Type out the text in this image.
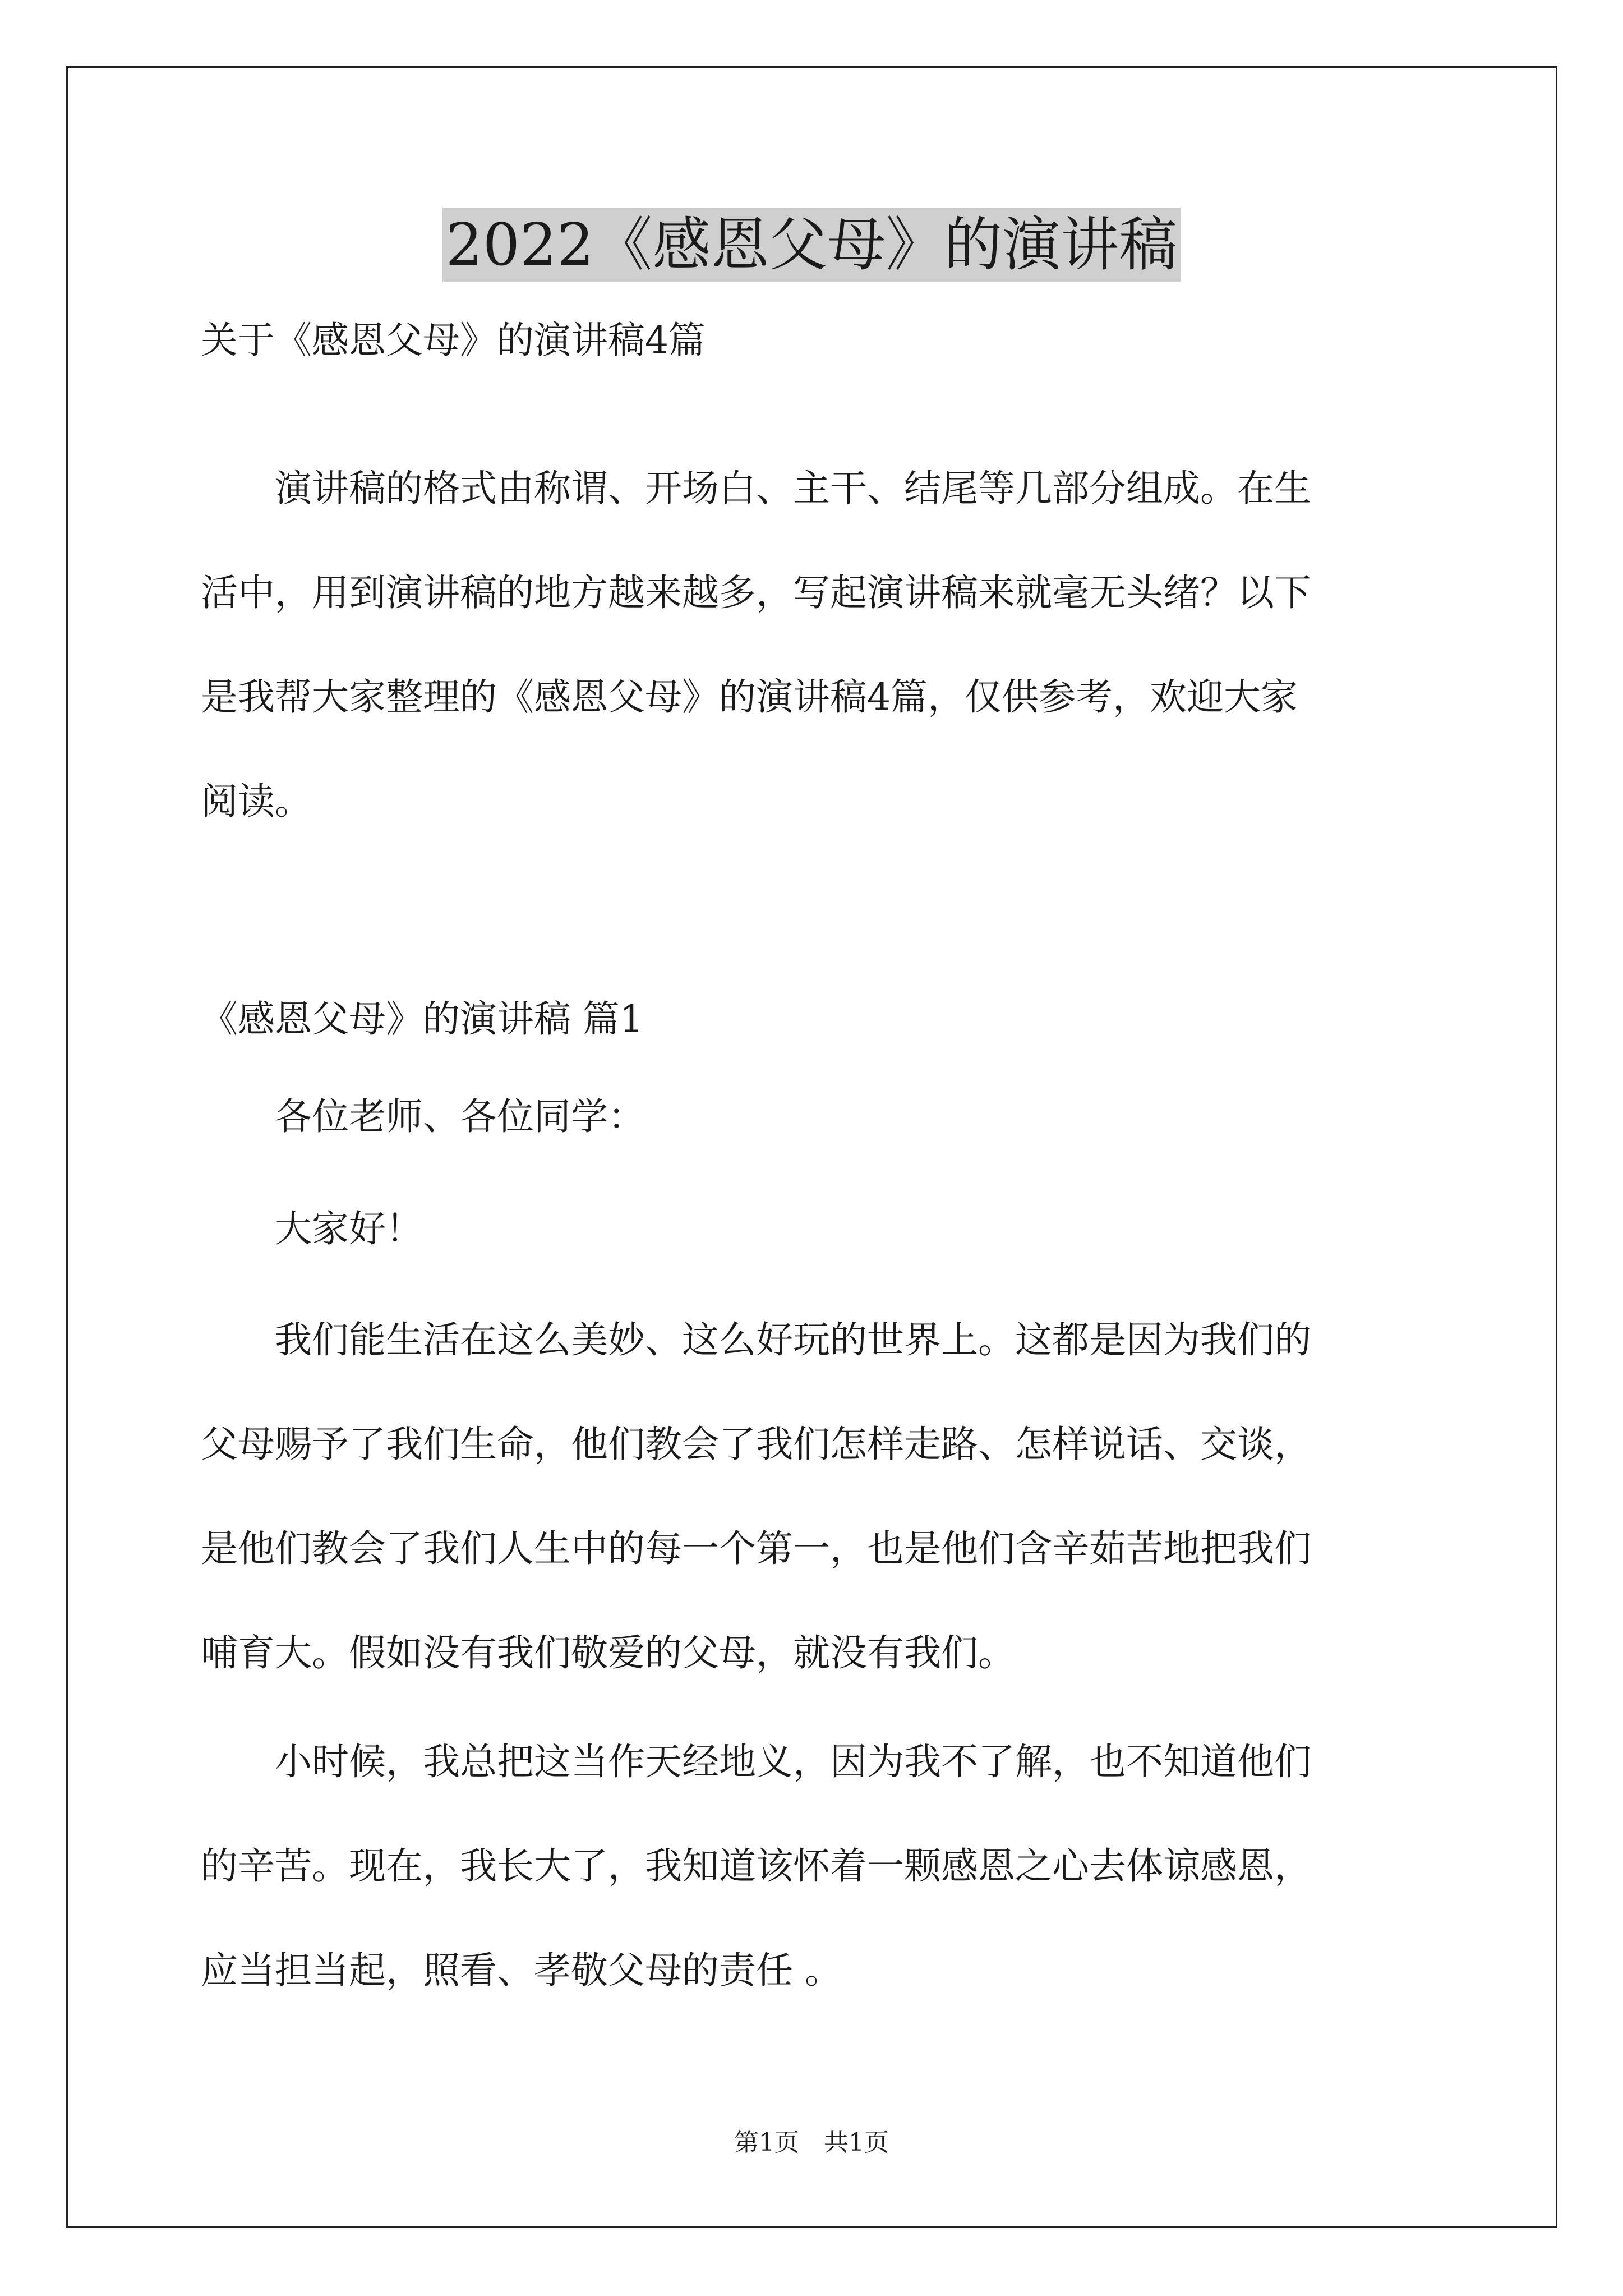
2022《感恩父母》的演讲稿
关于《感恩父母》的演讲稿4篇
　　演讲稿的格式由称谓、开场白、主干、结尾等几部分组成。在生
活中，用到演讲稿的地方越来越多，写起演讲稿来就毫无头绪？以下
是我帮大家整理的《感恩父母》的演讲稿4篇，仅供参考，欢迎大家
阅读。
《感恩父母》的演讲稿 篇1
　　各位老师、各位同学：
　　大家好！
　　我们能生活在这么美妙、这么好玩的世界上。这都是因为我们的
父母赐予了我们生命，他们教会了我们怎样走路、怎样说话、交谈，
是他们教会了我们人生中的每一个第一，也是他们含辛茹苦地把我们
哺育大。假如没有我们敬爱的父母，就没有我们。
　　小时候，我总把这当作天经地义，因为我不了解，也不知道他们
的辛苦。现在，我长大了，我知道该怀着一颗感恩之心去体谅感恩，
应当担当起，照看、孝敬父母的责任 。
第1页　共1页
